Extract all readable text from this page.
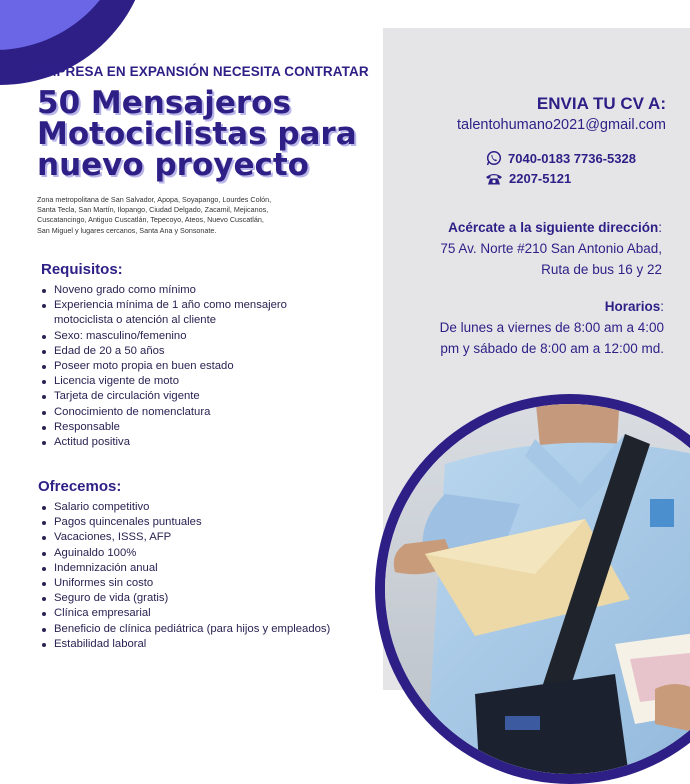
EMPRESA EN EXPANSIÓN NECESITA CONTRATAR
50 Mensajeros
Motociclistas para
nuevo proyecto
Zona metropolitana de San Salvador, Apopa, Soyapango, Lourdes Colón,
Santa Tecla, San Martín, Ilopango, Ciudad Delgado, Zacamil, Mejicanos,
Cuscatancingo, Antiguo Cuscatlán, Tepecoyo, Ateos, Nuevo Cuscatlán,
San Miguel y lugares cercanos, Santa Ana y Sonsonate.
Requisitos:
Noveno grado como mínimo
Experiencia mínima de 1 año como mensajero motociclista o atención al cliente
Sexo: masculino/femenino
Edad de 20 a 50 años
Poseer moto propia en buen estado
Licencia vigente de moto
Tarjeta de circulación vigente
Conocimiento de nomenclatura
Responsable
Actitud positiva
Ofrecemos:
Salario competitivo
Pagos quincenales puntuales
Vacaciones, ISSS, AFP
Aguinaldo 100%
Indemnización anual
Uniformes sin costo
Seguro de vida (gratis)
Clínica empresarial
Beneficio de clínica pediátrica (para hijos y empleados)
Estabilidad laboral
ENVIA TU CV A:
talentohumano2021@gmail.com
7040-0183 7736-5328
2207-5121
Acércate a la siguiente dirección:
75 Av. Norte #210 San Antonio Abad,
Ruta de bus 16 y 22
Horarios:
De lunes a viernes de 8:00 am a 4:00
pm y sábado de 8:00 am a 12:00 md.
